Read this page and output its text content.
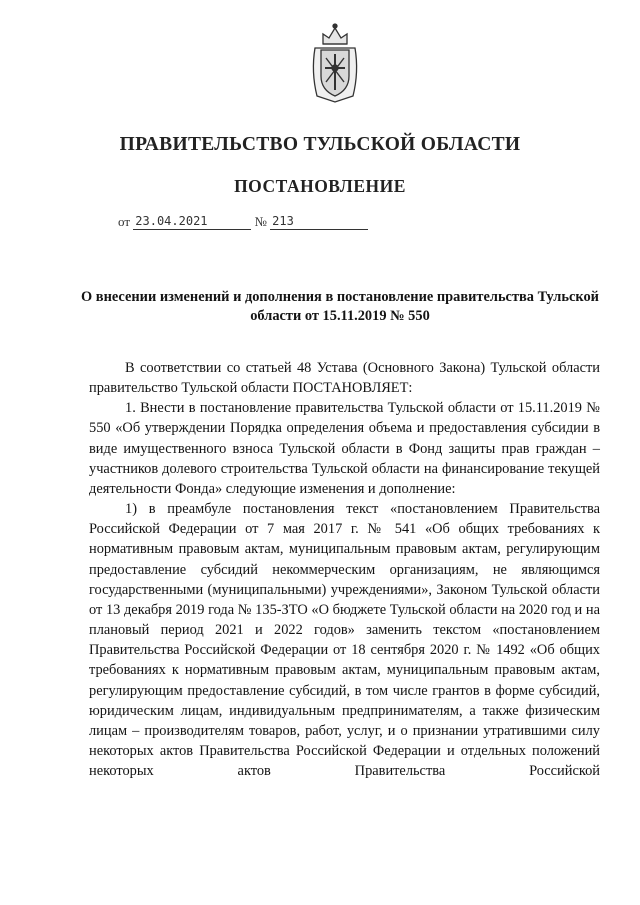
ПРАВИТЕЛЬСТВО ТУЛЬСКОЙ ОБЛАСТИ
ПОСТАНОВЛЕНИЕ
от 23.04.2021	№ 213
О внесении изменений и дополнения в постановление правительства Тульской области от 15.11.2019 № 550

В соответствии со статьей 48 Устава (Основного Закона) Тульской области правительство Тульской области ПОСТАНОВЛЯЕТ:

1. Внести в постановление правительства Тульской области от 15.11.2019 № 550 «Об утверждении Порядка определения объема и предоставления субсидии в виде имущественного взноса Тульской области в Фонд защиты прав граждан – участников долевого строительства Тульской области на финансирование текущей деятельности Фонда» следующие изменения и дополнение:

1) в преамбуле постановления текст «постановлением Правительства Российской Федерации от 7 мая 2017 г. № 541 «Об общих требованиях к нормативным правовым актам, муниципальным правовым актам, регулирующим предоставление субсидий некоммерческим организациям, не являющимся государственными (муниципальными) учреждениями», Законом Тульской области от 13 декабря 2019 года № 135-ЗТО «О бюджете Тульской области на 2020 год и на плановый период 2021 и 2022 годов» заменить текстом «постановлением Правительства Российской Федерации от 18 сентября 2020 г. № 1492 «Об общих требованиях к нормативным правовым актам, муниципальным правовым актам, регулирующим предоставление субсидий, в том числе грантов в форме субсидий, юридическим лицам, индивидуальным предпринимателям, а также физическим лицам – производителям товаров, работ, услуг, и о признании утратившими силу некоторых актов Правительства Российской Федерации и отдельных положений некоторых актов Правительства Российской
